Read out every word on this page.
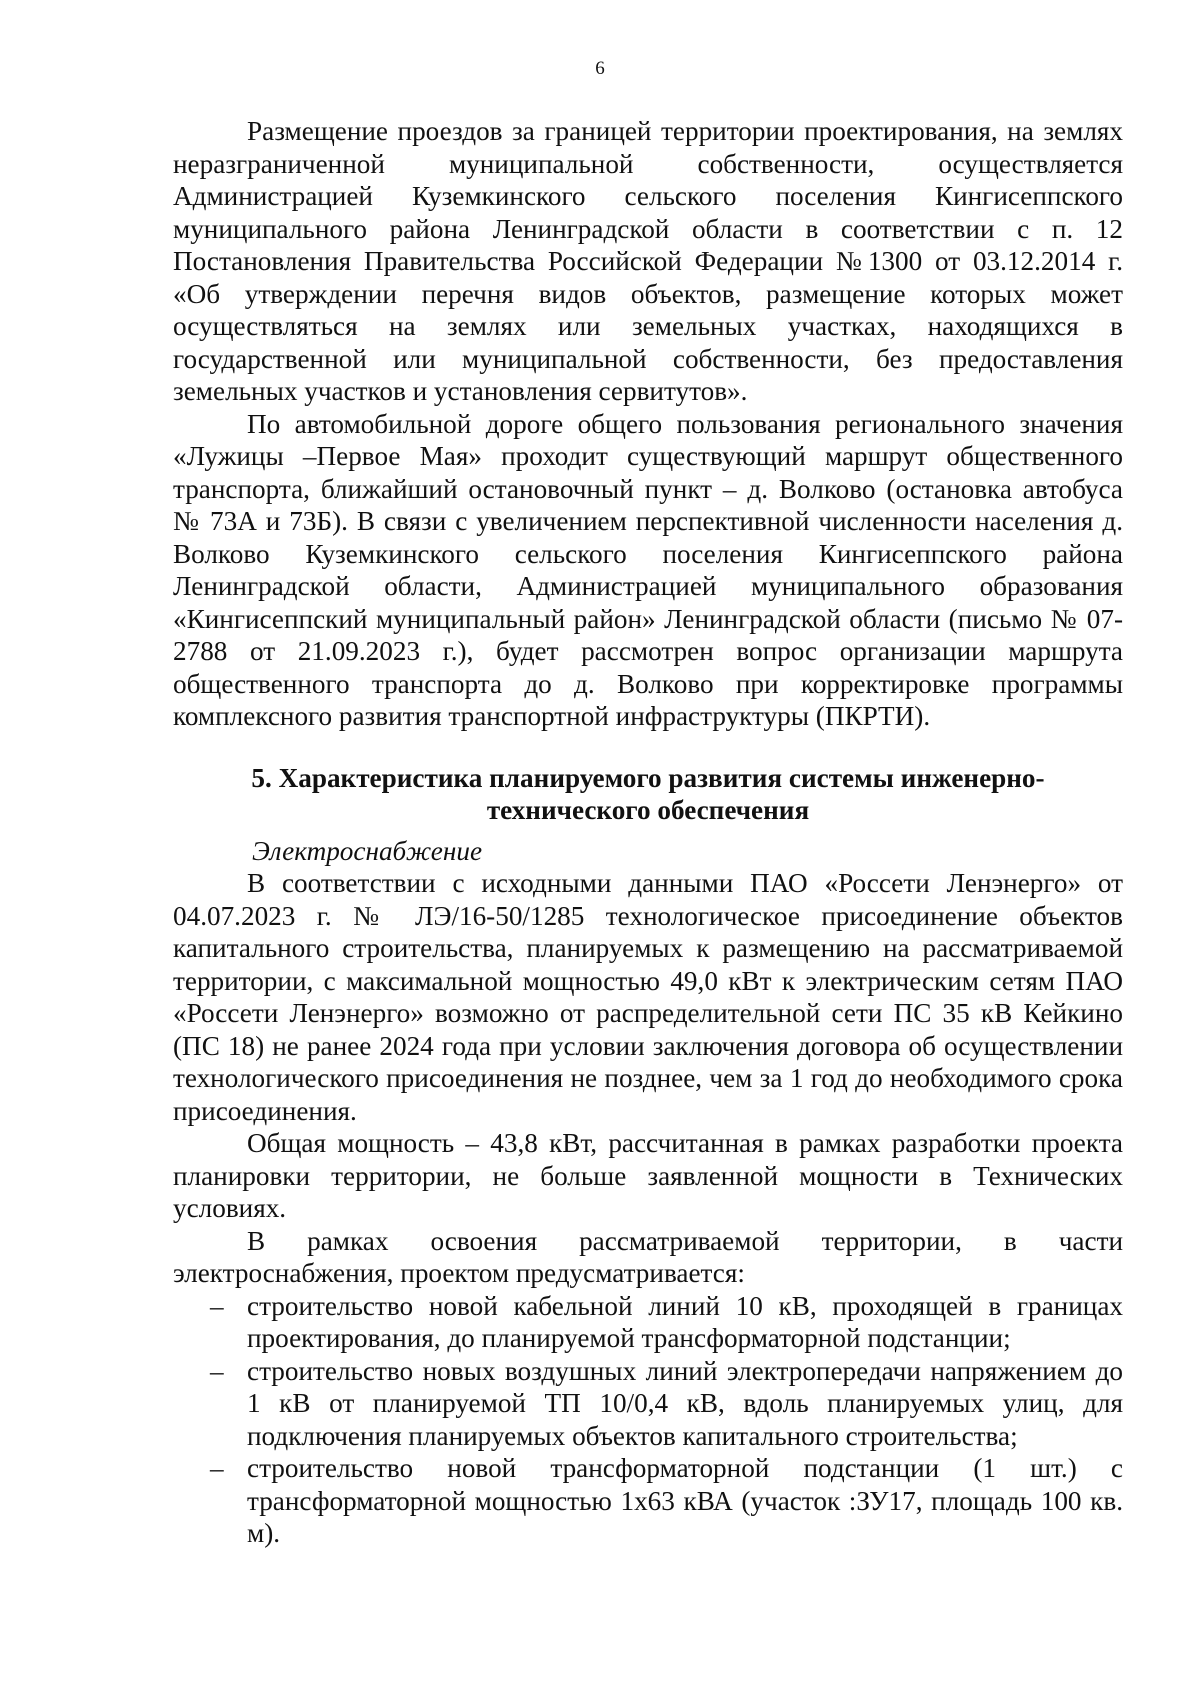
6

Размещение проездов за границей территории проектирования, на землях неразграниченной муниципальной собственности, осуществляется Администрацией Куземкинского сельского поселения Кингисеппского муниципального района Ленинградской области в соответствии с п. 12 Постановления Правительства Российской Федерации №1300 от 03.12.2014 г. «Об утверждении перечня видов объектов, размещение которых может осуществляться на землях или земельных участках, находящихся в государственной или муниципальной собственности, без предоставления земельных участков и установления сервитутов».

По автомобильной дороге общего пользования регионального значения «Лужицы –Первое Мая» проходит существующий маршрут общественного транспорта, ближайший остановочный пункт – д. Волково (остановка автобуса № 73А и 73Б). В связи с увеличением перспективной численности населения д. Волково Куземкинского сельского поселения Кингисеппского района Ленинградской области, Администрацией муниципального образования «Кингисеппский муниципальный район» Ленинградской области (письмо № 07-2788 от 21.09.2023 г.), будет рассмотрен вопрос организации маршрута общественного транспорта до д. Волково при корректировке программы комплексного развития транспортной инфраструктуры (ПКРТИ).

5. Характеристика планируемого развития системы инженерно-
технического обеспечения
Электроснабжение

В соответствии с исходными данными ПАО «Россети Ленэнерго» от 04.07.2023 г. № ЛЭ/16-50/1285 технологическое присоединение объектов капитального строительства, планируемых к размещению на рассматриваемой территории, с максимальной мощностью 49,0 кВт к электрическим сетям ПАО «Россети Ленэнерго» возможно от распределительной сети ПС 35 кВ Кейкино (ПС 18) не ранее 2024 года при условии заключения договора об осуществлении технологического присоединения не позднее, чем за 1 год до необходимого срока присоединения.

Общая мощность – 43,8 кВт, рассчитанная в рамках разработки проекта планировки территории, не больше заявленной мощности в Технических условиях.

В рамках освоения рассматриваемой территории, в части электроснабжения, проектом предусматривается:

– строительство новой кабельной линий 10 кВ, проходящей в границах проектирования, до планируемой трансформаторной подстанции;
– строительство новых воздушных линий электропередачи напряжением до 1 кВ от планируемой ТП 10/0,4 кВ, вдоль планируемых улиц, для подключения планируемых объектов капитального строительства;
– строительство новой трансформаторной подстанции (1 шт.) с трансформаторной мощностью 1х63 кВА (участок :ЗУ17, площадь 100 кв. м).
